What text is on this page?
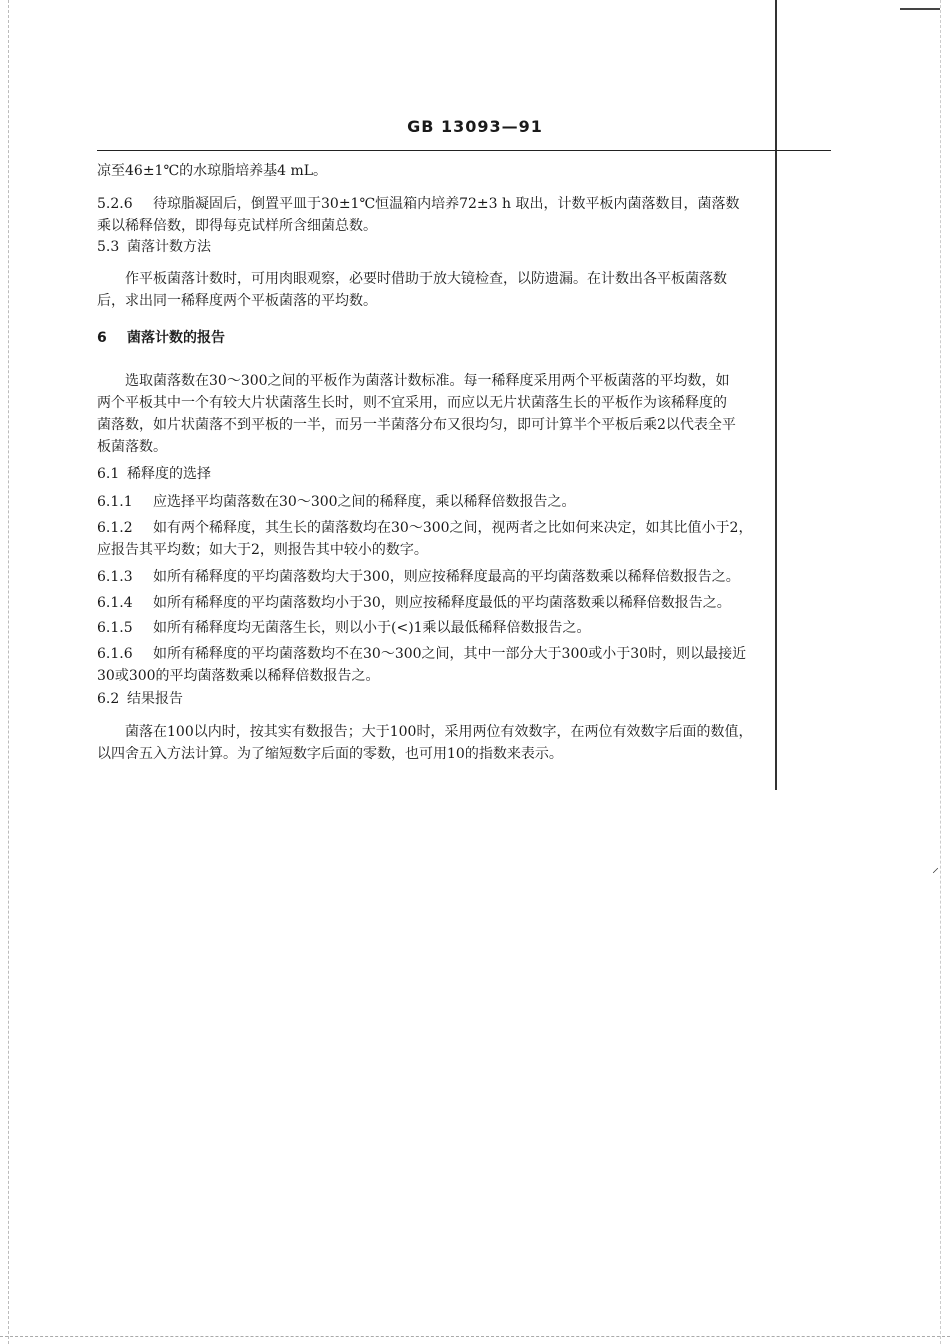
⸝
GB 13093—91
凉至46±1℃的水琼脂培养基4 mL。
5.2.6 待琼脂凝固后，倒置平皿于30±1℃恒温箱内培养72±3 h 取出，计数平板内菌落数目，菌落数
乘以稀释倍数，即得每克试样所含细菌总数。
5.3 菌落计数方法
作平板菌落计数时，可用肉眼观察，必要时借助于放大镜检查，以防遗漏。在计数出各平板菌落数
后，求出同一稀释度两个平板菌落的平均数。
6 菌落计数的报告
选取菌落数在30～300之间的平板作为菌落计数标准。每一稀释度采用两个平板菌落的平均数，如
两个平板其中一个有较大片状菌落生长时，则不宜采用，而应以无片状菌落生长的平板作为该稀释度的
菌落数，如片状菌落不到平板的一半，而另一半菌落分布又很均匀，即可计算半个平板后乘2以代表全平
板菌落数。
6.1 稀释度的选择
6.1.1 应选择平均菌落数在30～300之间的稀释度，乘以稀释倍数报告之。
6.1.2 如有两个稀释度，其生长的菌落数均在30～300之间，视两者之比如何来决定，如其比值小于2，
应报告其平均数；如大于2，则报告其中较小的数字。
6.1.3 如所有稀释度的平均菌落数均大于300，则应按稀释度最高的平均菌落数乘以稀释倍数报告之。
6.1.4 如所有稀释度的平均菌落数均小于30，则应按稀释度最低的平均菌落数乘以稀释倍数报告之。
6.1.5 如所有稀释度均无菌落生长，则以小于(<)1乘以最低稀释倍数报告之。
6.1.6 如所有稀释度的平均菌落数均不在30～300之间，其中一部分大于300或小于30时，则以最接近
30或300的平均菌落数乘以稀释倍数报告之。
6.2 结果报告
菌落在100以内时，按其实有数报告；大于100时，采用两位有效数字，在两位有效数字后面的数值，
以四舍五入方法计算。为了缩短数字后面的零数，也可用10的指数来表示。
